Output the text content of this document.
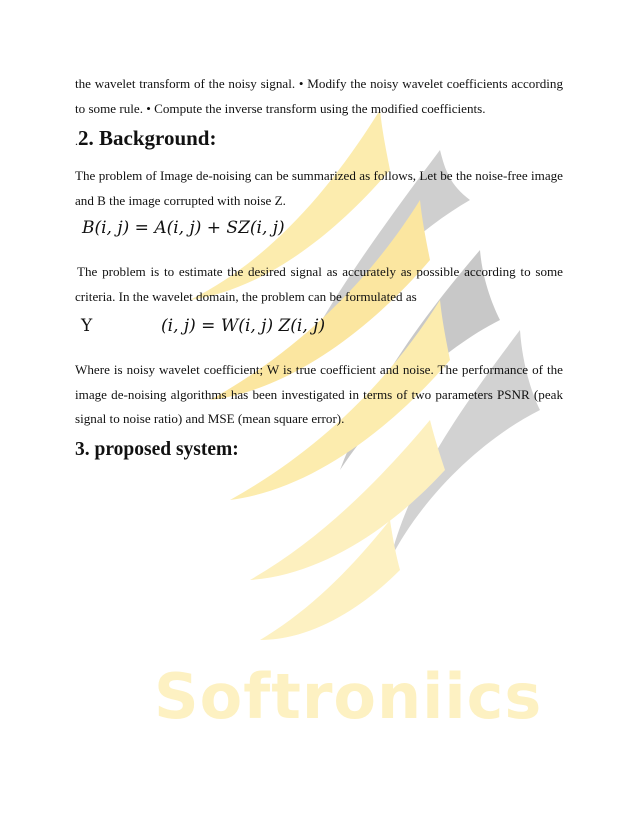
Softroniics

the wavelet transform of the noisy signal. • Modify the noisy wavelet coefficients according to some rule. • Compute the inverse transform using the modified coefficients.

.2. Background:

The problem of Image de-noising can be summarized as follows, Let be the noise-free image and B the image corrupted with noise Z.

B(i, j) = A(i, j) + SZ(i, j)

The problem is to estimate the desired signal as accurately as possible according to some criteria. In the wavelet domain, the problem can be formulated as

Y	(i, j) = W(i, j) Z(i, j)

Where is noisy wavelet coefficient; W is true coefficient and noise. The performance of the image de-noising algorithms has been investigated in terms of two parameters PSNR (peak signal to noise ratio) and MSE (mean square error).

3. proposed system:
